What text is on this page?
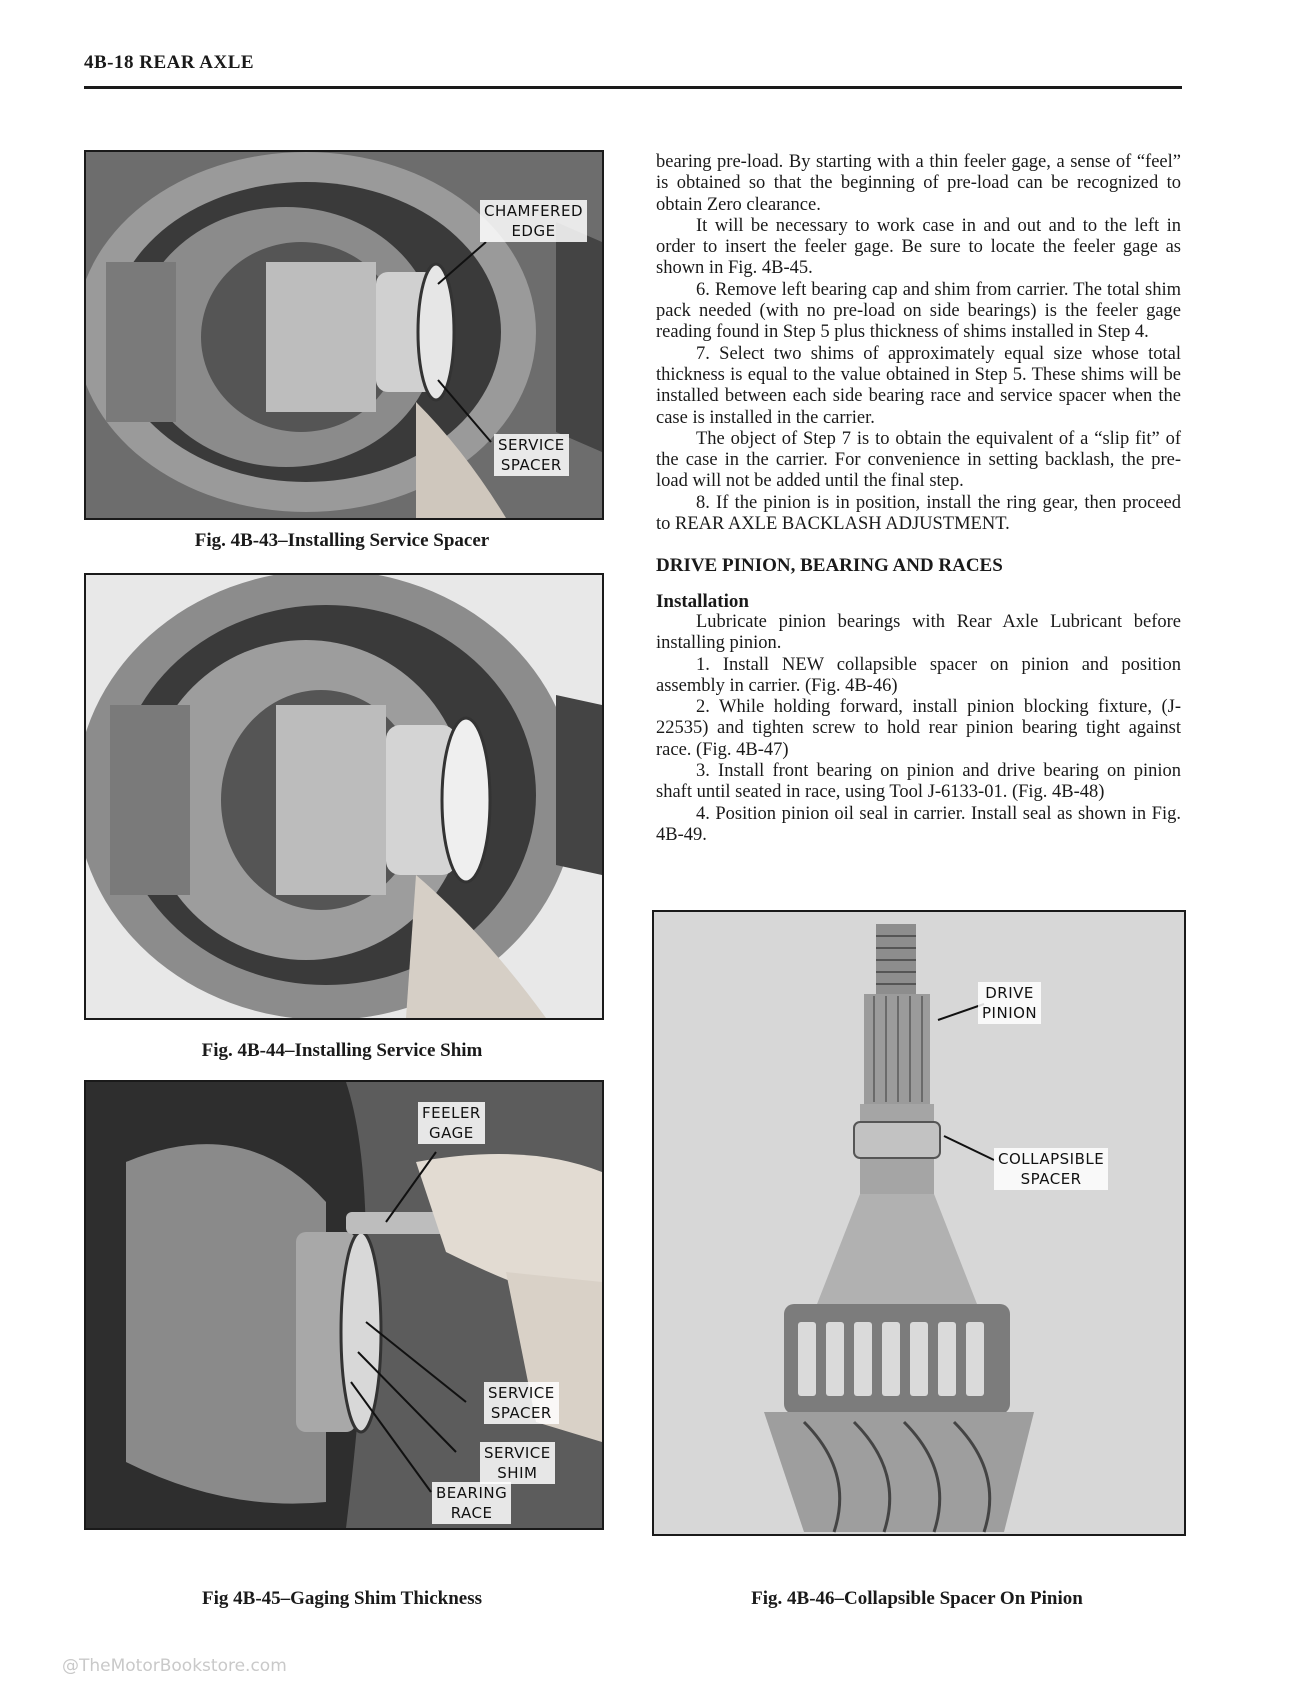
4B-18 REAR AXLE
CHAMFERED
EDGE
SERVICE
SPACER
Fig. 4B-43–Installing Service Spacer
Fig. 4B-44–Installing Service Shim
FEELER
GAGE
SERVICE
SPACER
SERVICE
SHIM
BEARING
RACE
Fig 4B-45–Gaging Shim Thickness
DRIVE
PINION
COLLAPSIBLE
SPACER
Fig. 4B-46–Collapsible Spacer On Pinion

bearing pre-load. By starting with a thin feeler gage, a sense of “feel” is obtained so that the beginning of pre-load can be recognized to obtain Zero clearance.

It will be necessary to work case in and out and to the left in order to insert the feeler gage. Be sure to locate the feeler gage as shown in Fig. 4B-45.

6. Remove left bearing cap and shim from carrier. The total shim pack needed (with no pre-load on side bearings) is the feeler gage reading found in Step 5 plus thickness of shims installed in Step 4.

7. Select two shims of approximately equal size whose total thickness is equal to the value obtained in Step 5. These shims will be installed between each side bearing race and service spacer when the case is installed in the carrier.

The object of Step 7 is to obtain the equivalent of a “slip fit” of the case in the carrier. For convenience in setting backlash, the pre-load will not be added until the final step.

8. If the pinion is in position, install the ring gear, then proceed to REAR AXLE BACKLASH ADJUSTMENT.

DRIVE PINION, BEARING AND RACES
Installation

Lubricate pinion bearings with Rear Axle Lubricant before installing pinion.

1. Install NEW collapsible spacer on pinion and position assembly in carrier. (Fig. 4B-46)

2. While holding forward, install pinion blocking fixture, (J-22535) and tighten screw to hold rear pinion bearing tight against race. (Fig. 4B-47)

3. Install front bearing on pinion and drive bearing on pinion shaft until seated in race, using Tool J-6133-01. (Fig. 4B-48)

4. Position pinion oil seal in carrier. Install seal as shown in Fig. 4B-49.

@TheMotorBookstore.com
